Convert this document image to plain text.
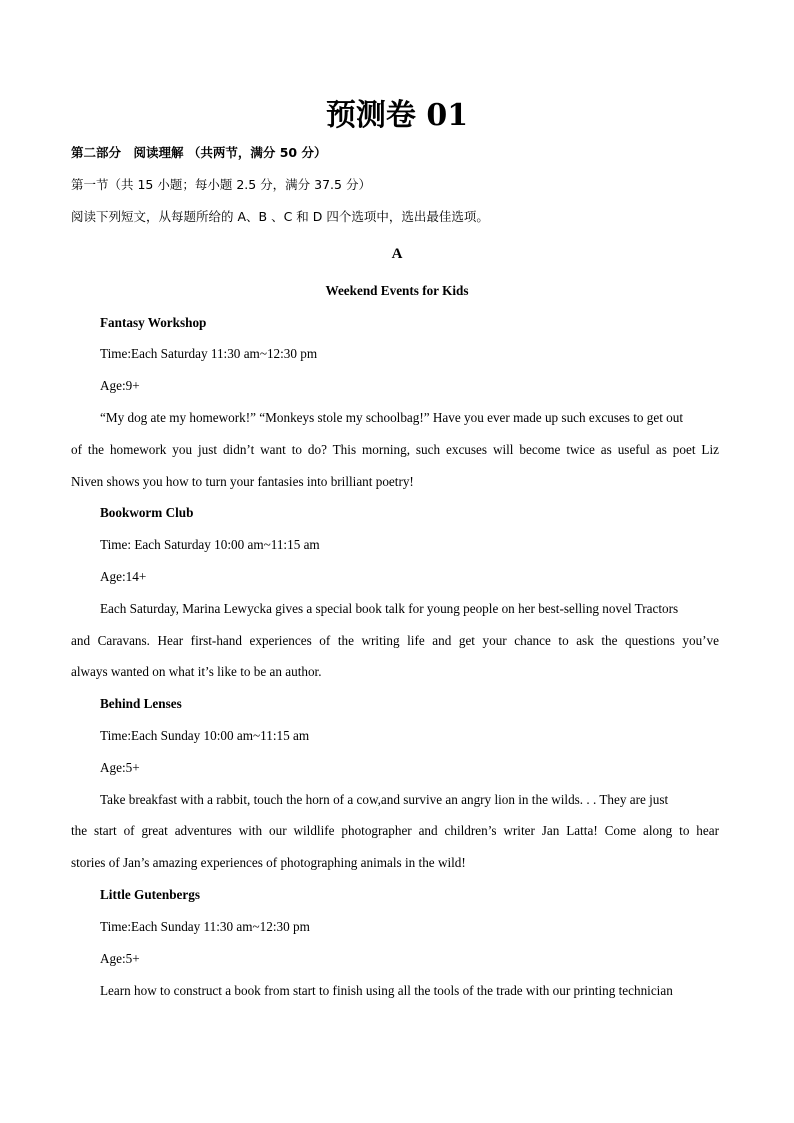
预测卷 01
第二部分　阅读理解 （共两节，满分 50 分）
第一节（共 15 小题；每小题 2.5 分，满分 37.5 分）
阅读下列短文，从每题所给的 A、B 、C 和 D 四个选项中，选出最佳选项。
A
Weekend Events for Kids
Fantasy Workshop
Time:Each Saturday 11:30 am~12:30 pm
Age:9+
“My dog ate my homework!” “Monkeys stole my schoolbag!” Have you ever made up such excuses to get out
of the homework you just didn’t want to do? This morning, such excuses will become twice as useful as poet Liz
Niven shows you how to turn your fantasies into brilliant poetry!
Bookworm Club
Time: Each Saturday 10:00 am~11:15 am
Age:14+
Each Saturday, Marina Lewycka gives a special book talk for young people on her best-selling novel Tractors
and Caravans. Hear first-hand experiences of the writing life and get your chance to ask the questions you’ve
always wanted on what it’s like to be an author.
Behind Lenses
Time:Each Sunday 10:00 am~11:15 am
Age:5+
Take breakfast with a rabbit, touch the horn of a cow,and survive an angry lion in the wilds. . . They are just
the start of great adventures with our wildlife photographer and children’s writer Jan Latta! Come along to hear
stories of Jan’s amazing experiences of photographing animals in the wild!
Little Gutenbergs
Time:Each Sunday 11:30 am~12:30 pm
Age:5+
Learn how to construct a book from start to finish using all the tools of the trade with our printing technician
